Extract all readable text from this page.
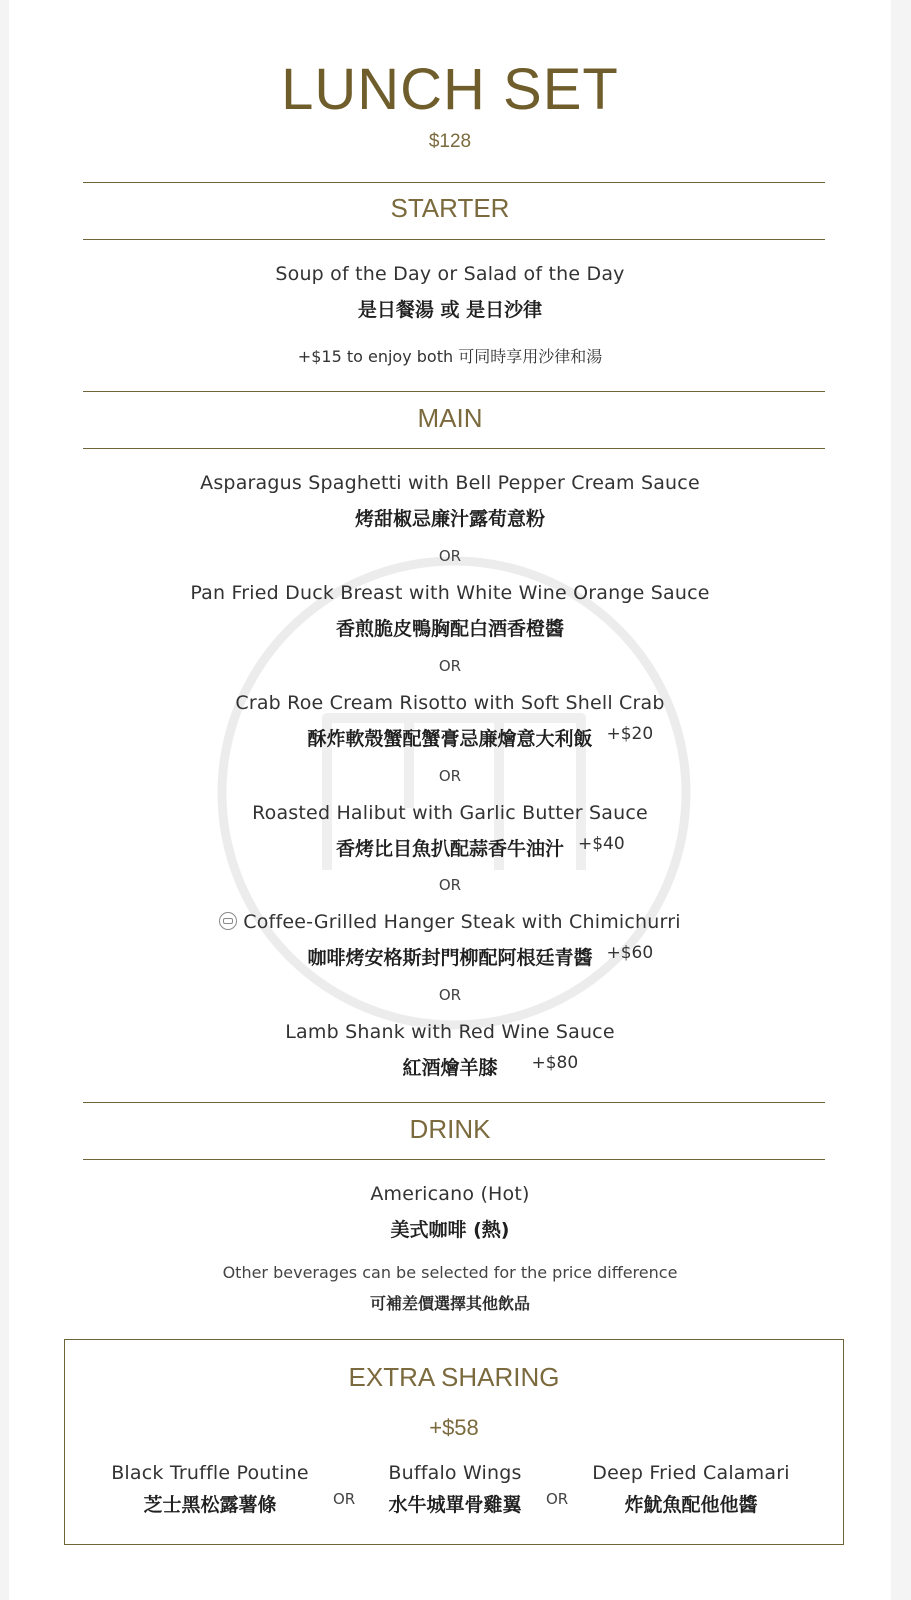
LUNCH SET
$128
STARTER
Soup of the Day or Salad of the Day
是日餐湯 或 是日沙律
+$15 to enjoy both 可同時享用沙律和湯
MAIN
Asparagus Spaghetti with Bell Pepper Cream Sauce
烤甜椒忌廉汁露荀意粉
OR
Pan Fried Duck Breast with White Wine Orange Sauce
香煎脆皮鴨胸配白酒香橙醬
OR
Crab Roe Cream Risotto with Soft Shell Crab
酥炸軟殼蟹配蟹膏忌廉燴意大利飯 +$20
OR
Roasted Halibut with Garlic Butter Sauce
香烤比目魚扒配蒜香牛油汁 +$40
OR
Coffee-Grilled Hanger Steak with Chimichurri
咖啡烤安格斯封門柳配阿根廷青醬 +$60
OR
Lamb Shank with Red Wine Sauce
紅酒燴羊膝 +$80
DRINK
Americano (Hot)
美式咖啡 (熱)
Other beverages can be selected for the price difference
可補差價選擇其他飲品
EXTRA SHARING
+$58
Black Truffle Poutine
芝士黑松露薯條	OR
Buffalo Wings
水牛城單骨雞翼	OR
Deep Fried Calamari
炸魷魚配他他醬
